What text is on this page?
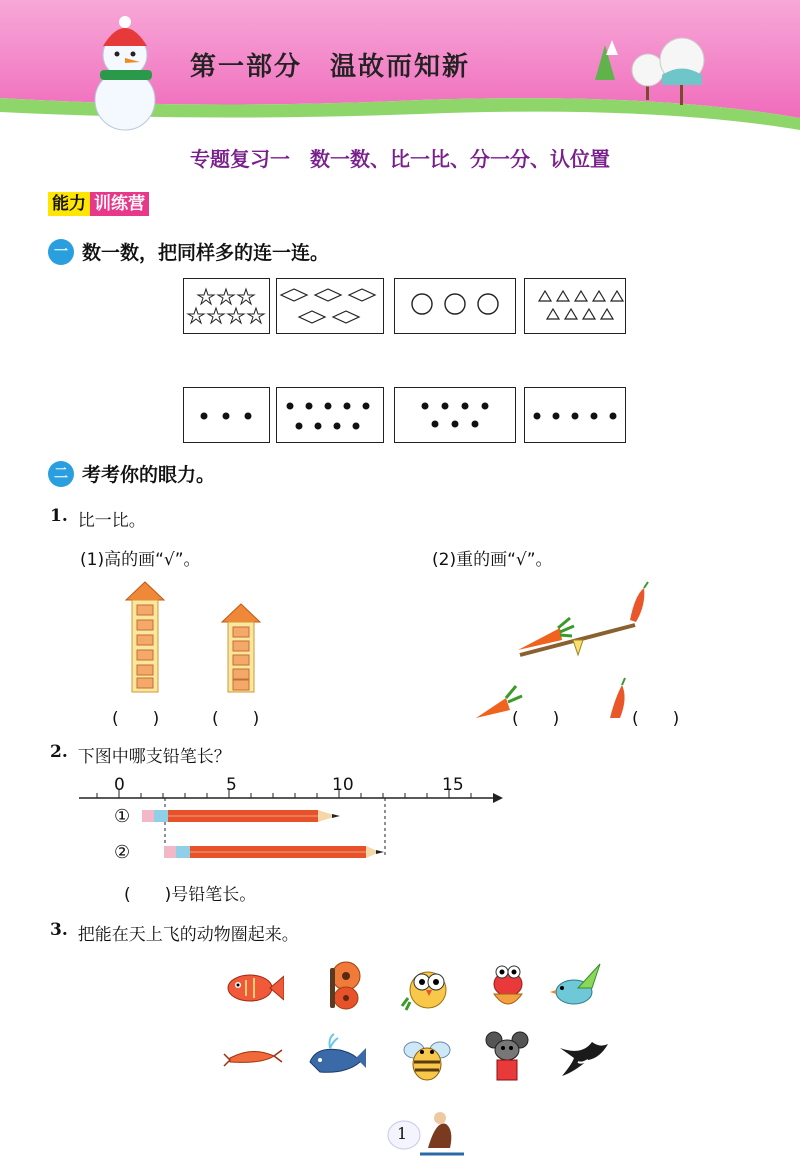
第一部分　温故而知新
专题复习一　数一数、比一比、分一分、认位置
能力 训练营
一 数一数，把同样多的连一连。
二 考考你的眼力。
1. 比一比。
(1)高的画“√”。	(2)重的画“√”。
(　　)	(　　)	(　　)	(　　)
2. 下图中哪支铅笔长？
0	5	10	15
①
②
(　　)号铅笔长。
3. 把能在天上飞的动物圈起来。
1
